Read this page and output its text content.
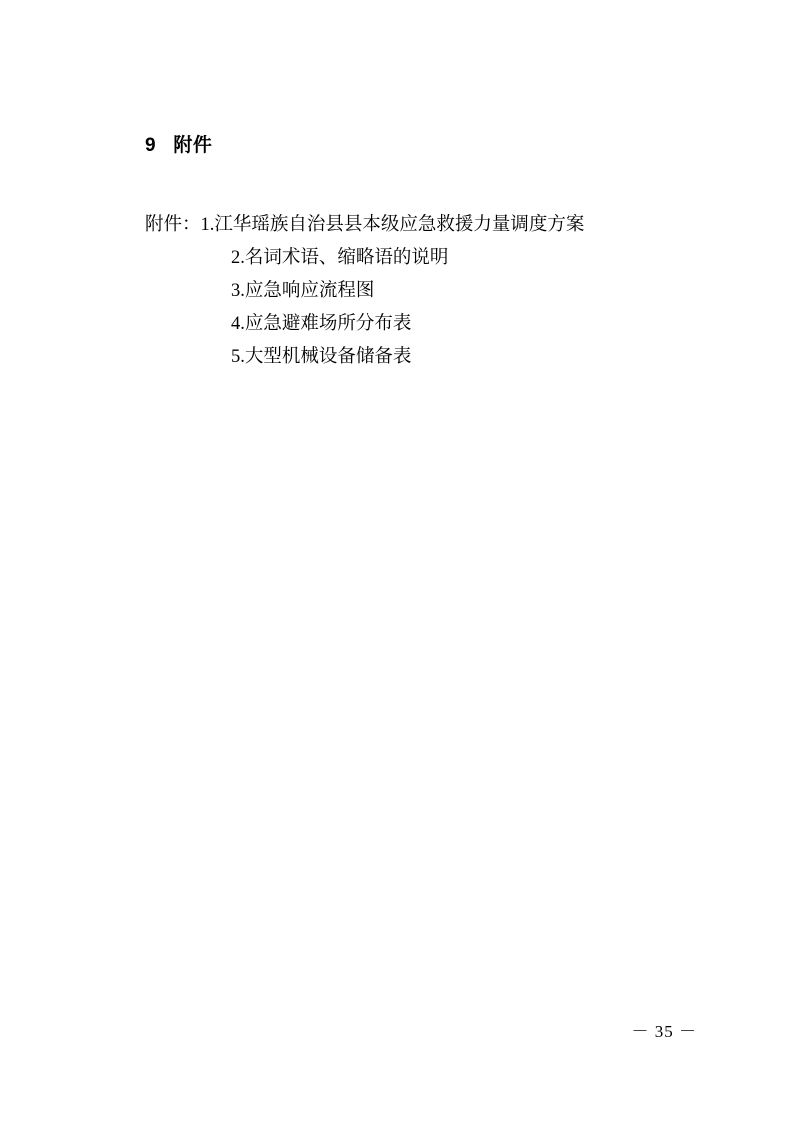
9   附件
附件： 1.江华瑶族自治县县本级应急救援力量调度方案
2.名词术语、缩略语的说明
3.应急响应流程图
4.应急避难场所分布表
5.大型机械设备储备表
－ 35 －
